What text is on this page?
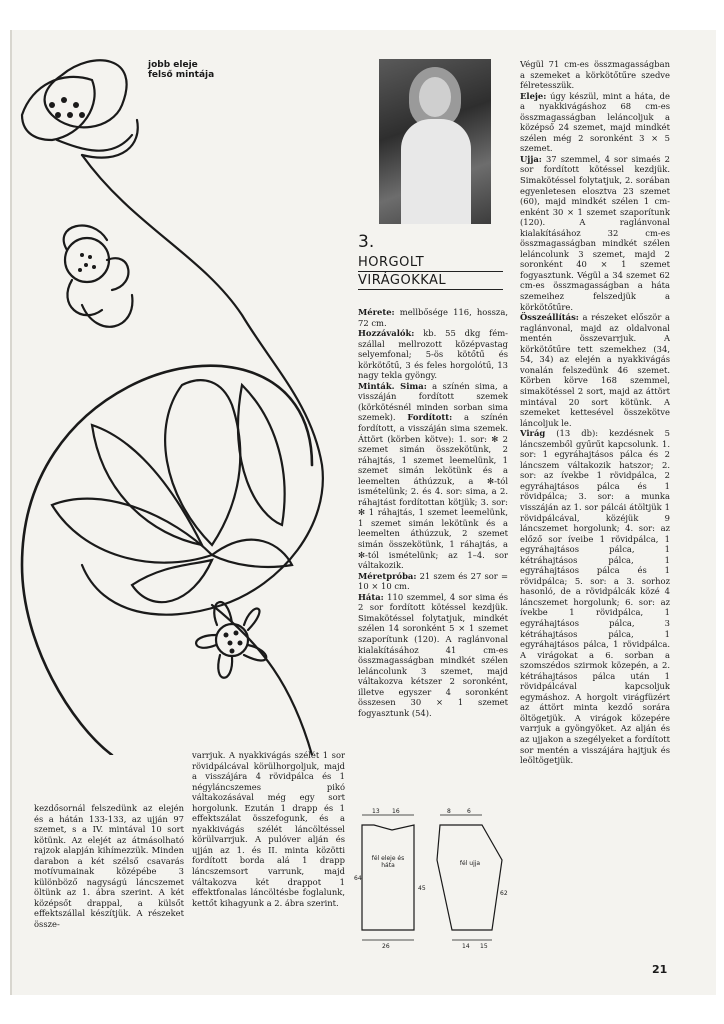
jobb eleje
felső mintája
3.
HORGOLT
VIRÁGOKKAL

Mérete: mellbősége 116, hossza, 72 cm.

Hozzávalók: kb. 55 dkg fém-szállal mellrozott középvastag selyemfonal; 5-ös kötőtű és körkötőtű, 3 és feles horgolótű, 13 nagy tekla gyöngy.

Minták. Sima: a színén sima, a visszáján fordított szemek (körkötésnél minden sorban sima szemek). Fordított: a színén fordított, a visszáján sima szemek. Áttört (körben kötve): 1. sor: ✻ 2 szemet simán összekötünk, 2 ráhajtás, 1 szemet leemelünk, 1 szemet simán lekötünk és a leemelten áthúzzuk, a ✻-tól ismételünk; 2. és 4. sor: sima, a 2. ráhajtást fordítottan kötjük; 3. sor: ✻ 1 ráhajtás, 1 szemet leemelünk, 1 szemet simán lekötünk és a leemelten áthúzzuk, 2 szemet simán összekötünk, 1 ráhajtás, a ✻-tól ismételünk; az 1–4. sor váltakozik.

Méretpróba: 21 szem és 27 sor = 10 × 10 cm.

Háta: 110 szemmel, 4 sor sima és 2 sor fordított kötéssel kezdjük. Simakötéssel folytatjuk, mindkét szélen 14 soronként 5 × 1 szemet szaporítunk (120). A raglánvonal kialakításához 41 cm-es összmagasságban mindkét szélen leláncolunk 3 szemet, majd váltakozva kétszer 2 soronként, illetve egyszer 4 soronként összesen 30 × 1 szemet fogyasztunk (54).

Végül 71 cm-es összmagasságban a szemeket a körkötőtűre szedve félretesszük.

Eleje: úgy készül, mint a háta, de a nyakkivágáshoz 68 cm-es összmagasságban leláncoljuk a középső 24 szemet, majd mindkét szélen még 2 soronként 3 × 5 szemet.

Ujja: 37 szemmel, 4 sor simaés 2 sor fordított kötéssel kezdjük. Simakötéssel folytatjuk, 2. sorában egyenletesen elosztva 23 szemet (60), majd mindkét szélen 1 cm-enként 30 × 1 szemet szaporítunk (120). A raglánvonal kialakításához 32 cm-es összmagasságban mindkét szélen leláncolunk 3 szemet, majd 2 soronként 40 × 1 szemet fogyasztunk. Végül a 34 szemet 62 cm-es összmagasságban a háta szemeihez felszedjük a körkötőtűre.

Összeállítás: a részeket először a raglánvonal, majd az oldalvonal mentén összevarrjuk. A körkötőtűre tett szemekhez (34, 54, 34) az elején a nyakkivágás vonalán felszedünk 46 szemet. Körben körve 168 szemmel, simakötéssel 2 sort, majd az áttört mintával 20 sort kötünk. A szemeket kettesével összekötve láncoljuk le.

Virág (13 db): kezdésnek 5 láncszemből gyűrűt kapcsolunk. 1. sor: 1 egyráhajtásos pálca és 2 láncszem váltakozik hatszor; 2. sor: az ívekbe 1 rövidpálca, 2 egyráhajtásos pálca és 1 rövidpálca; 3. sor: a munka visszáján az 1. sor pálcái átöltjük 1 rövidpálcával, közéjük 9 láncszemet horgolunk; 4. sor: az előző sor íveibe 1 rövidpálca, 1 egyráhajtásos pálca, 1 kétráhajtásos pálca, 1 egyráhajtásos pálca és 1 rövidpálca; 5. sor: a 3. sorhoz hasonló, de a rövidpálcák közé 4 láncszemet horgolunk; 6. sor: az ívekbe 1 rövidpálca, 1 egyráhajtásos pálca, 3 kétráhajtásos pálca, 1 egyráhajtásos pálca, 1 rövidpálca. A virágokat a 6. sorban a szomszédos szirmok közepén, a 2. kétráhajtásos pálca után 1 rövidpálcával kapcsoljuk egymáshoz. A horgolt virágfüzért az áttört minta kezdő sorára öltögetjük. A virágok közepére varrjuk a gyöngyöket. Az alján és az ujjakon a szegélyeket a fordított sor mentén a visszájára hajtjuk és leöltögetjük.

kezdősornál felszedünk az elején és a hátán 133-133, az ujján 97 szemet, s a IV. mintával 10 sort kötünk. Az elejét az átmásolható rajzok alapján kihímezzük. Minden darabon a két szélső csavarás motívumainak középébe 3 különböző nagyságú láncszemet öltünk az 1. ábra szerint. A két középsőt drappal, a külsőt effektszállal készítjük. A részeket össze-

varrjuk. A nyakkivágás szélét 1 sor rövidpálcával körülhorgoljuk, majd a visszájára 4 rövidpálca és 1 négyláncszemes pikó váltakozásával még egy sort horgolunk. Ezután 1 drapp és 1 effektszálat összefogunk, és a nyakkivágás szélét láncöltéssel körülvarrjuk. A pulóver alján és ujján az 1. és II. minta közötti fordított borda alá 1 drapp láncszemsort varrunk, majd váltakozva két drappot 1 effektfonalas láncöltésbe foglalunk, kettőt kihagyunk a 2. ábra szerint.

13 16	8	6
26	14 15
64
45
62
fél eleje és háta	fél ujja
21
